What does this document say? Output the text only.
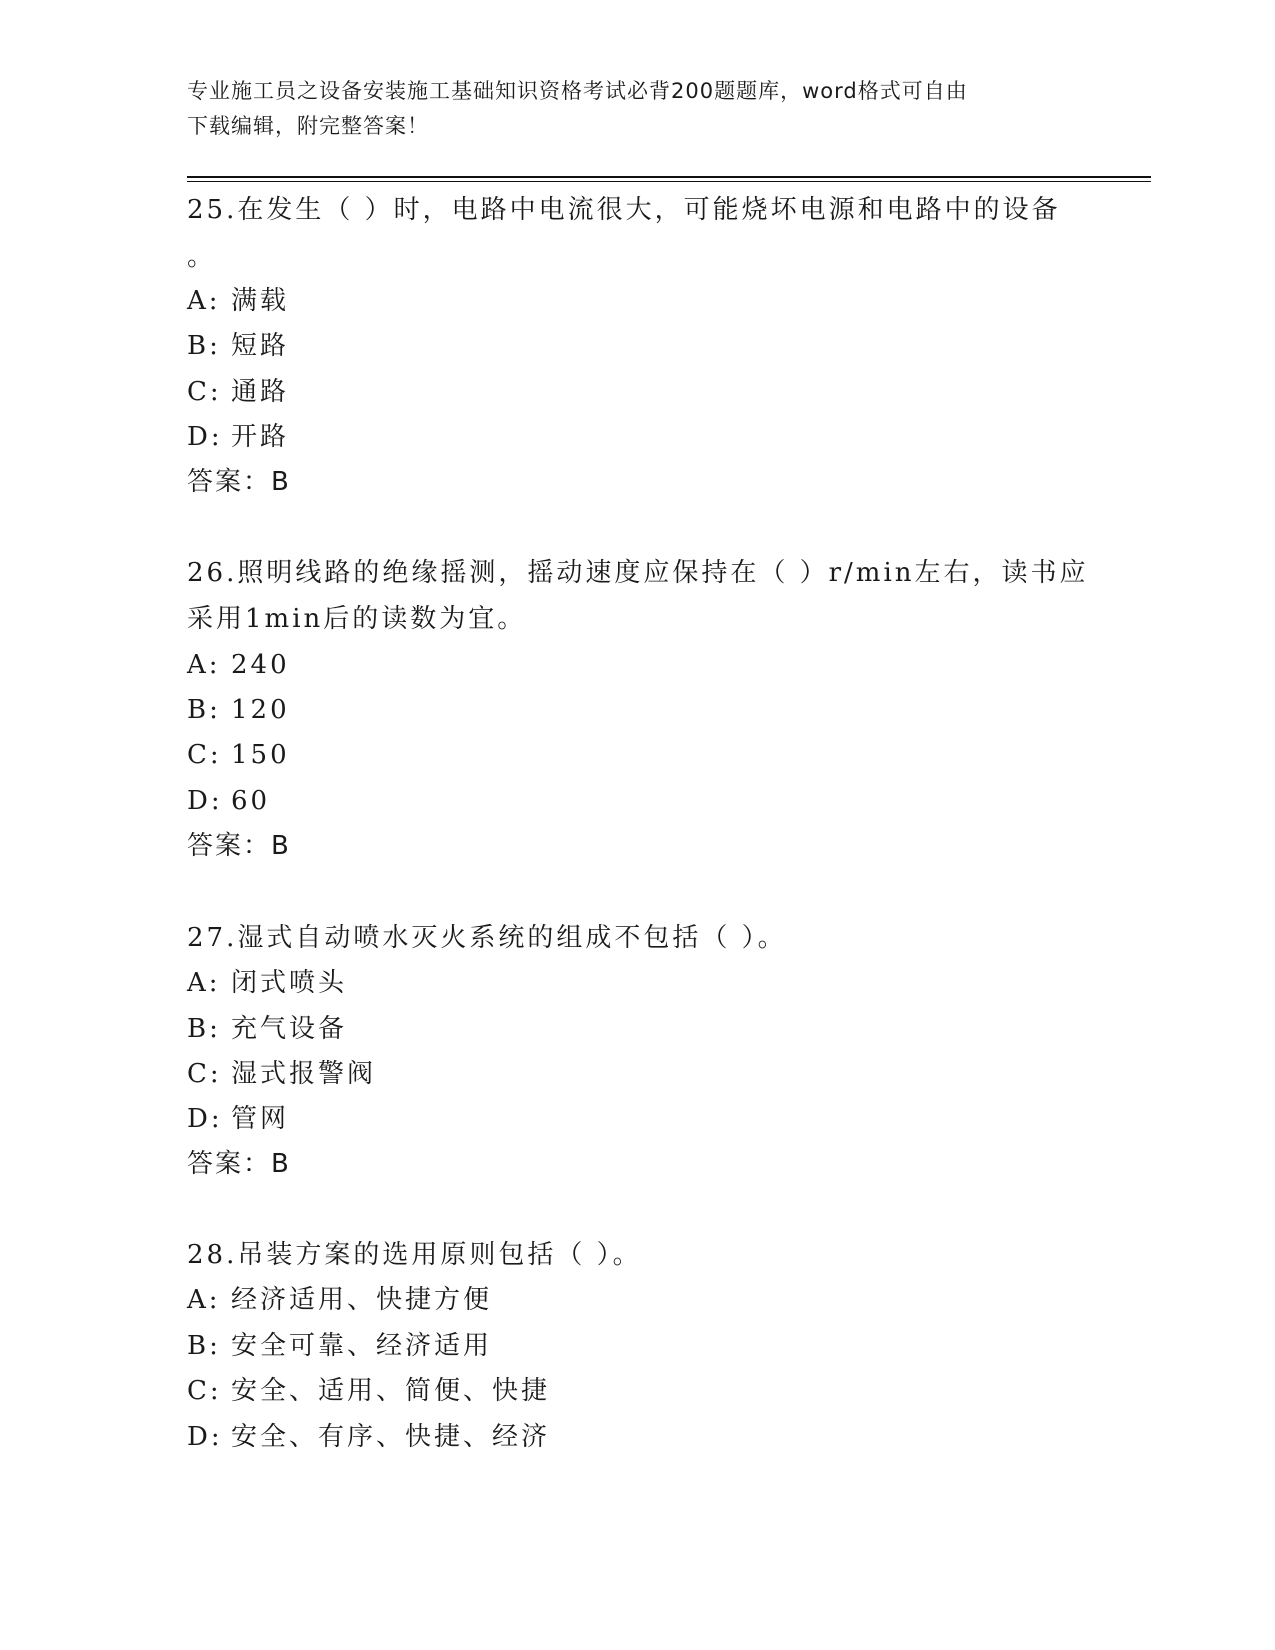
专业施工员之设备安装施工基础知识资格考试必背200题题库，word格式可自由
下载编辑，附完整答案！
25.在发生（ ）时，电路中电流很大，可能烧坏电源和电路中的设备
。
A: 满载
B: 短路
C: 通路
D: 开路
答案：B
26.照明线路的绝缘摇测，摇动速度应保持在（ ）r/min左右，读书应
采用1min后的读数为宜。
A: 240
B: 120
C: 150
D: 60
答案：B
27.湿式自动喷水灭火系统的组成不包括（ ）。
A: 闭式喷头
B: 充气设备
C: 湿式报警阀
D: 管网
答案：B
28.吊装方案的选用原则包括（ ）。
A: 经济适用、快捷方便
B: 安全可靠、经济适用
C: 安全、适用、简便、快捷
D: 安全、有序、快捷、经济
